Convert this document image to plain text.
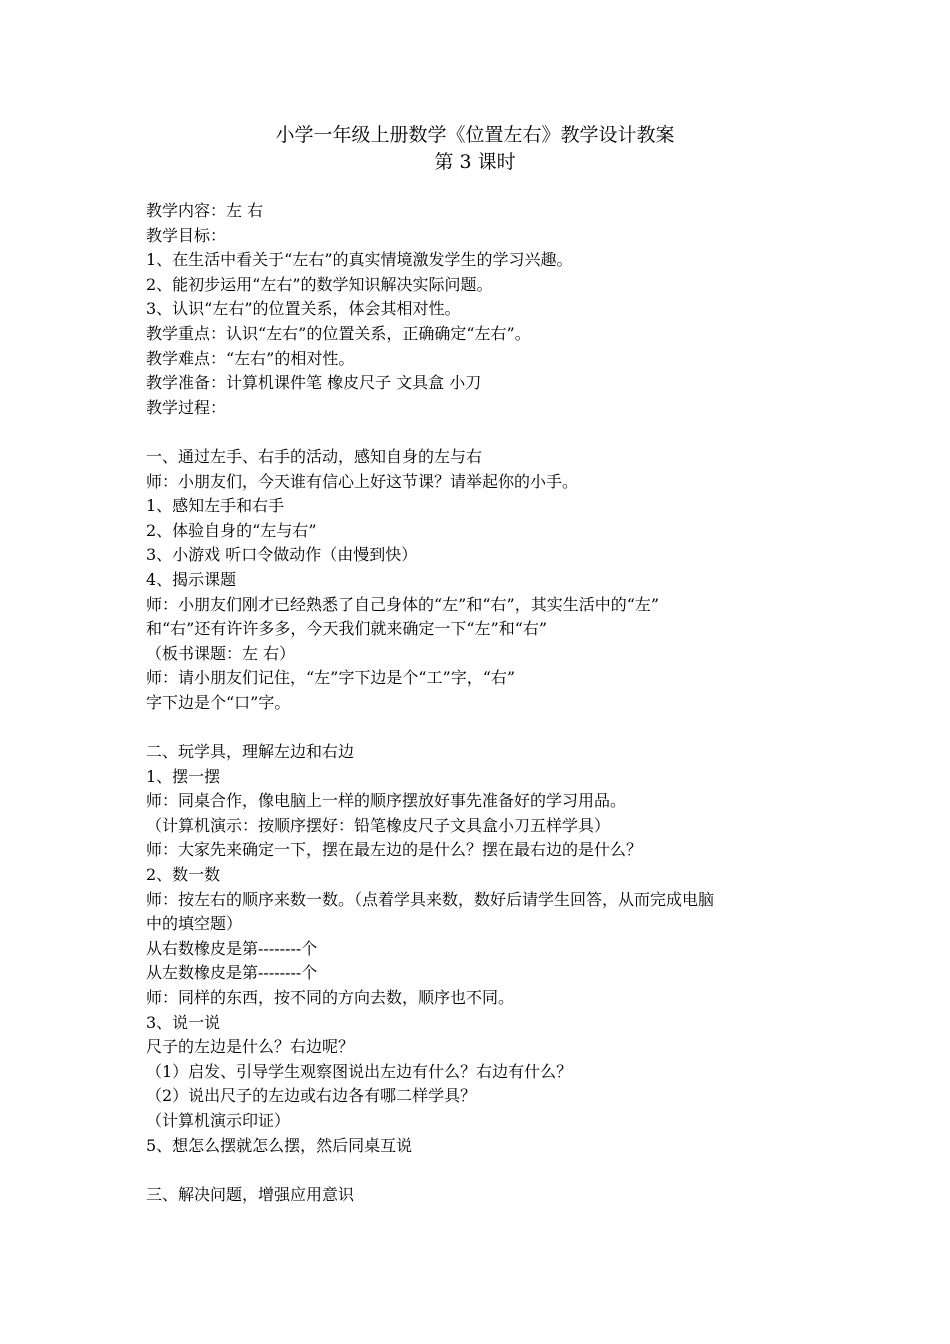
小学一年级上册数学《位置左右》教学设计教案
第 3 课时
教学内容：左 右
教学目标：
1、在生活中看关于“左右”的真实情境激发学生的学习兴趣。
2、能初步运用“左右”的数学知识解决实际问题。
3、认识“左右”的位置关系，体会其相对性。
教学重点：认识“左右”的位置关系，正确确定“左右”。
教学难点：“左右”的相对性。
教学准备：计算机课件笔 橡皮尺子 文具盒 小刀
教学过程：
一、通过左手、右手的活动，感知自身的左与右
师：小朋友们，今天谁有信心上好这节课？请举起你的小手。
1、感知左手和右手
2、体验自身的“左与右”
3、小游戏 听口令做动作（由慢到快）
4、揭示课题
师：小朋友们刚才已经熟悉了自己身体的“左”和“右”，其实生活中的“左”
和“右”还有许许多多，今天我们就来确定一下“左”和“右”
（板书课题：左 右）
师：请小朋友们记住，“左”字下边是个“工”字，“右”
字下边是个“口”字。
二、玩学具，理解左边和右边
1、摆一摆
师：同桌合作，像电脑上一样的顺序摆放好事先准备好的学习用品。
（计算机演示：按顺序摆好：铅笔橡皮尺子文具盒小刀五样学具）
师：大家先来确定一下，摆在最左边的是什么？摆在最右边的是什么？
2、数一数
师：按左右的顺序来数一数。（点着学具来数，数好后请学生回答，从而完成电脑
中的填空题）
从右数橡皮是第--------个
从左数橡皮是第--------个
师：同样的东西，按不同的方向去数，顺序也不同。
3、说一说
尺子的左边是什么？右边呢？
（1）启发、引导学生观察图说出左边有什么？右边有什么？
（2）说出尺子的左边或右边各有哪二样学具？
（计算机演示印证）
5、想怎么摆就怎么摆，然后同桌互说
三、解决问题，增强应用意识
